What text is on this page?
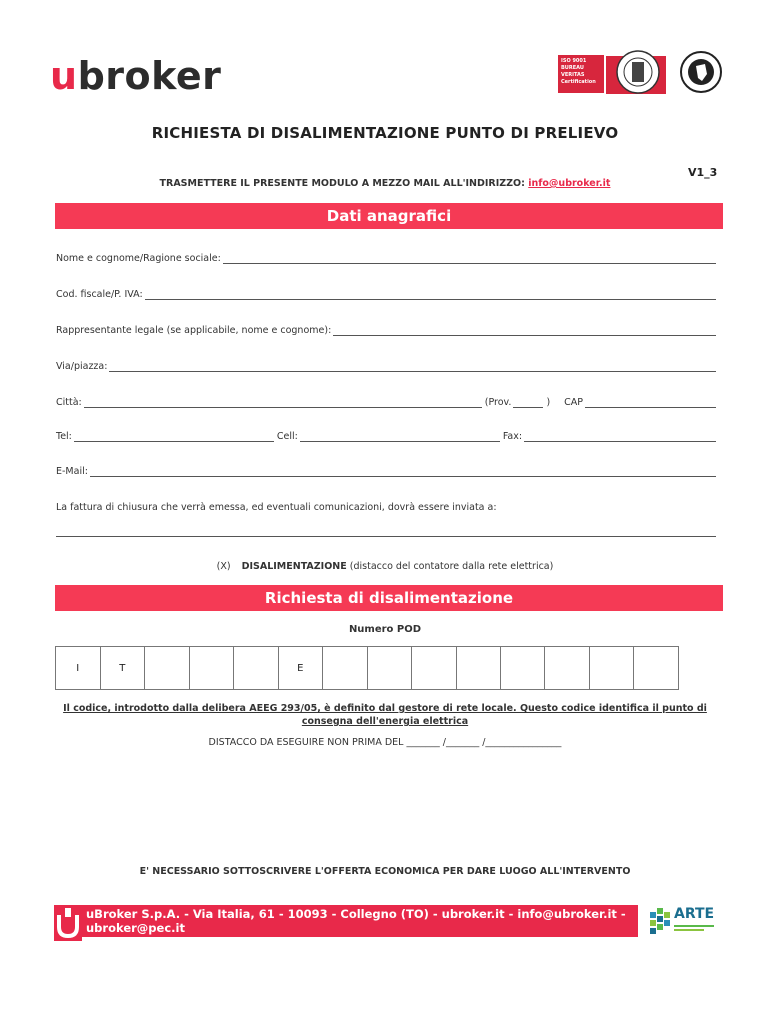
ubroker	ISO 9001
BUREAU VERITAS
Certification
RICHIESTA DI DISALIMENTAZIONE PUNTO DI PRELIEVO
V1_3
TRASMETTERE IL PRESENTE MODULO A MEZZO MAIL ALL'INDIRIZZO: info@ubroker.it
Dati anagrafici
Nome e cognome/Ragione sociale:
Cod. fiscale/P. IVA:
Rappresentante legale (se applicabile, nome e cognome):
Via/piazza:
Città:	(Prov.	) CAP
Tel:	Cell:	Fax:
E-Mail:
La fattura di chiusura che verrà emessa, ed eventuali comunicazioni, dovrà essere inviata a:
(X) DISALIMENTAZIONE (distacco del contatore dalla rete elettrica)
Richiesta di disalimentazione
Numero POD
I	T				E								
Il codice, introdotto dalla delibera AEEG 293/05, è definito dal gestore di rete locale. Questo codice identifica il punto di consegna dell'energia elettrica
DISTACCO DA ESEGUIRE NON PRIMA DEL _______ /_______ /________________
E' NECESSARIO SOTTOSCRIVERE L'OFFERTA ECONOMICA PER DARE LUOGO ALL'INTERVENTO
uBroker S.p.A. - Via Italia, 61 - 10093 - Collegno (TO) - ubroker.it - info@ubroker.it - ubroker@pec.it
ARTE
